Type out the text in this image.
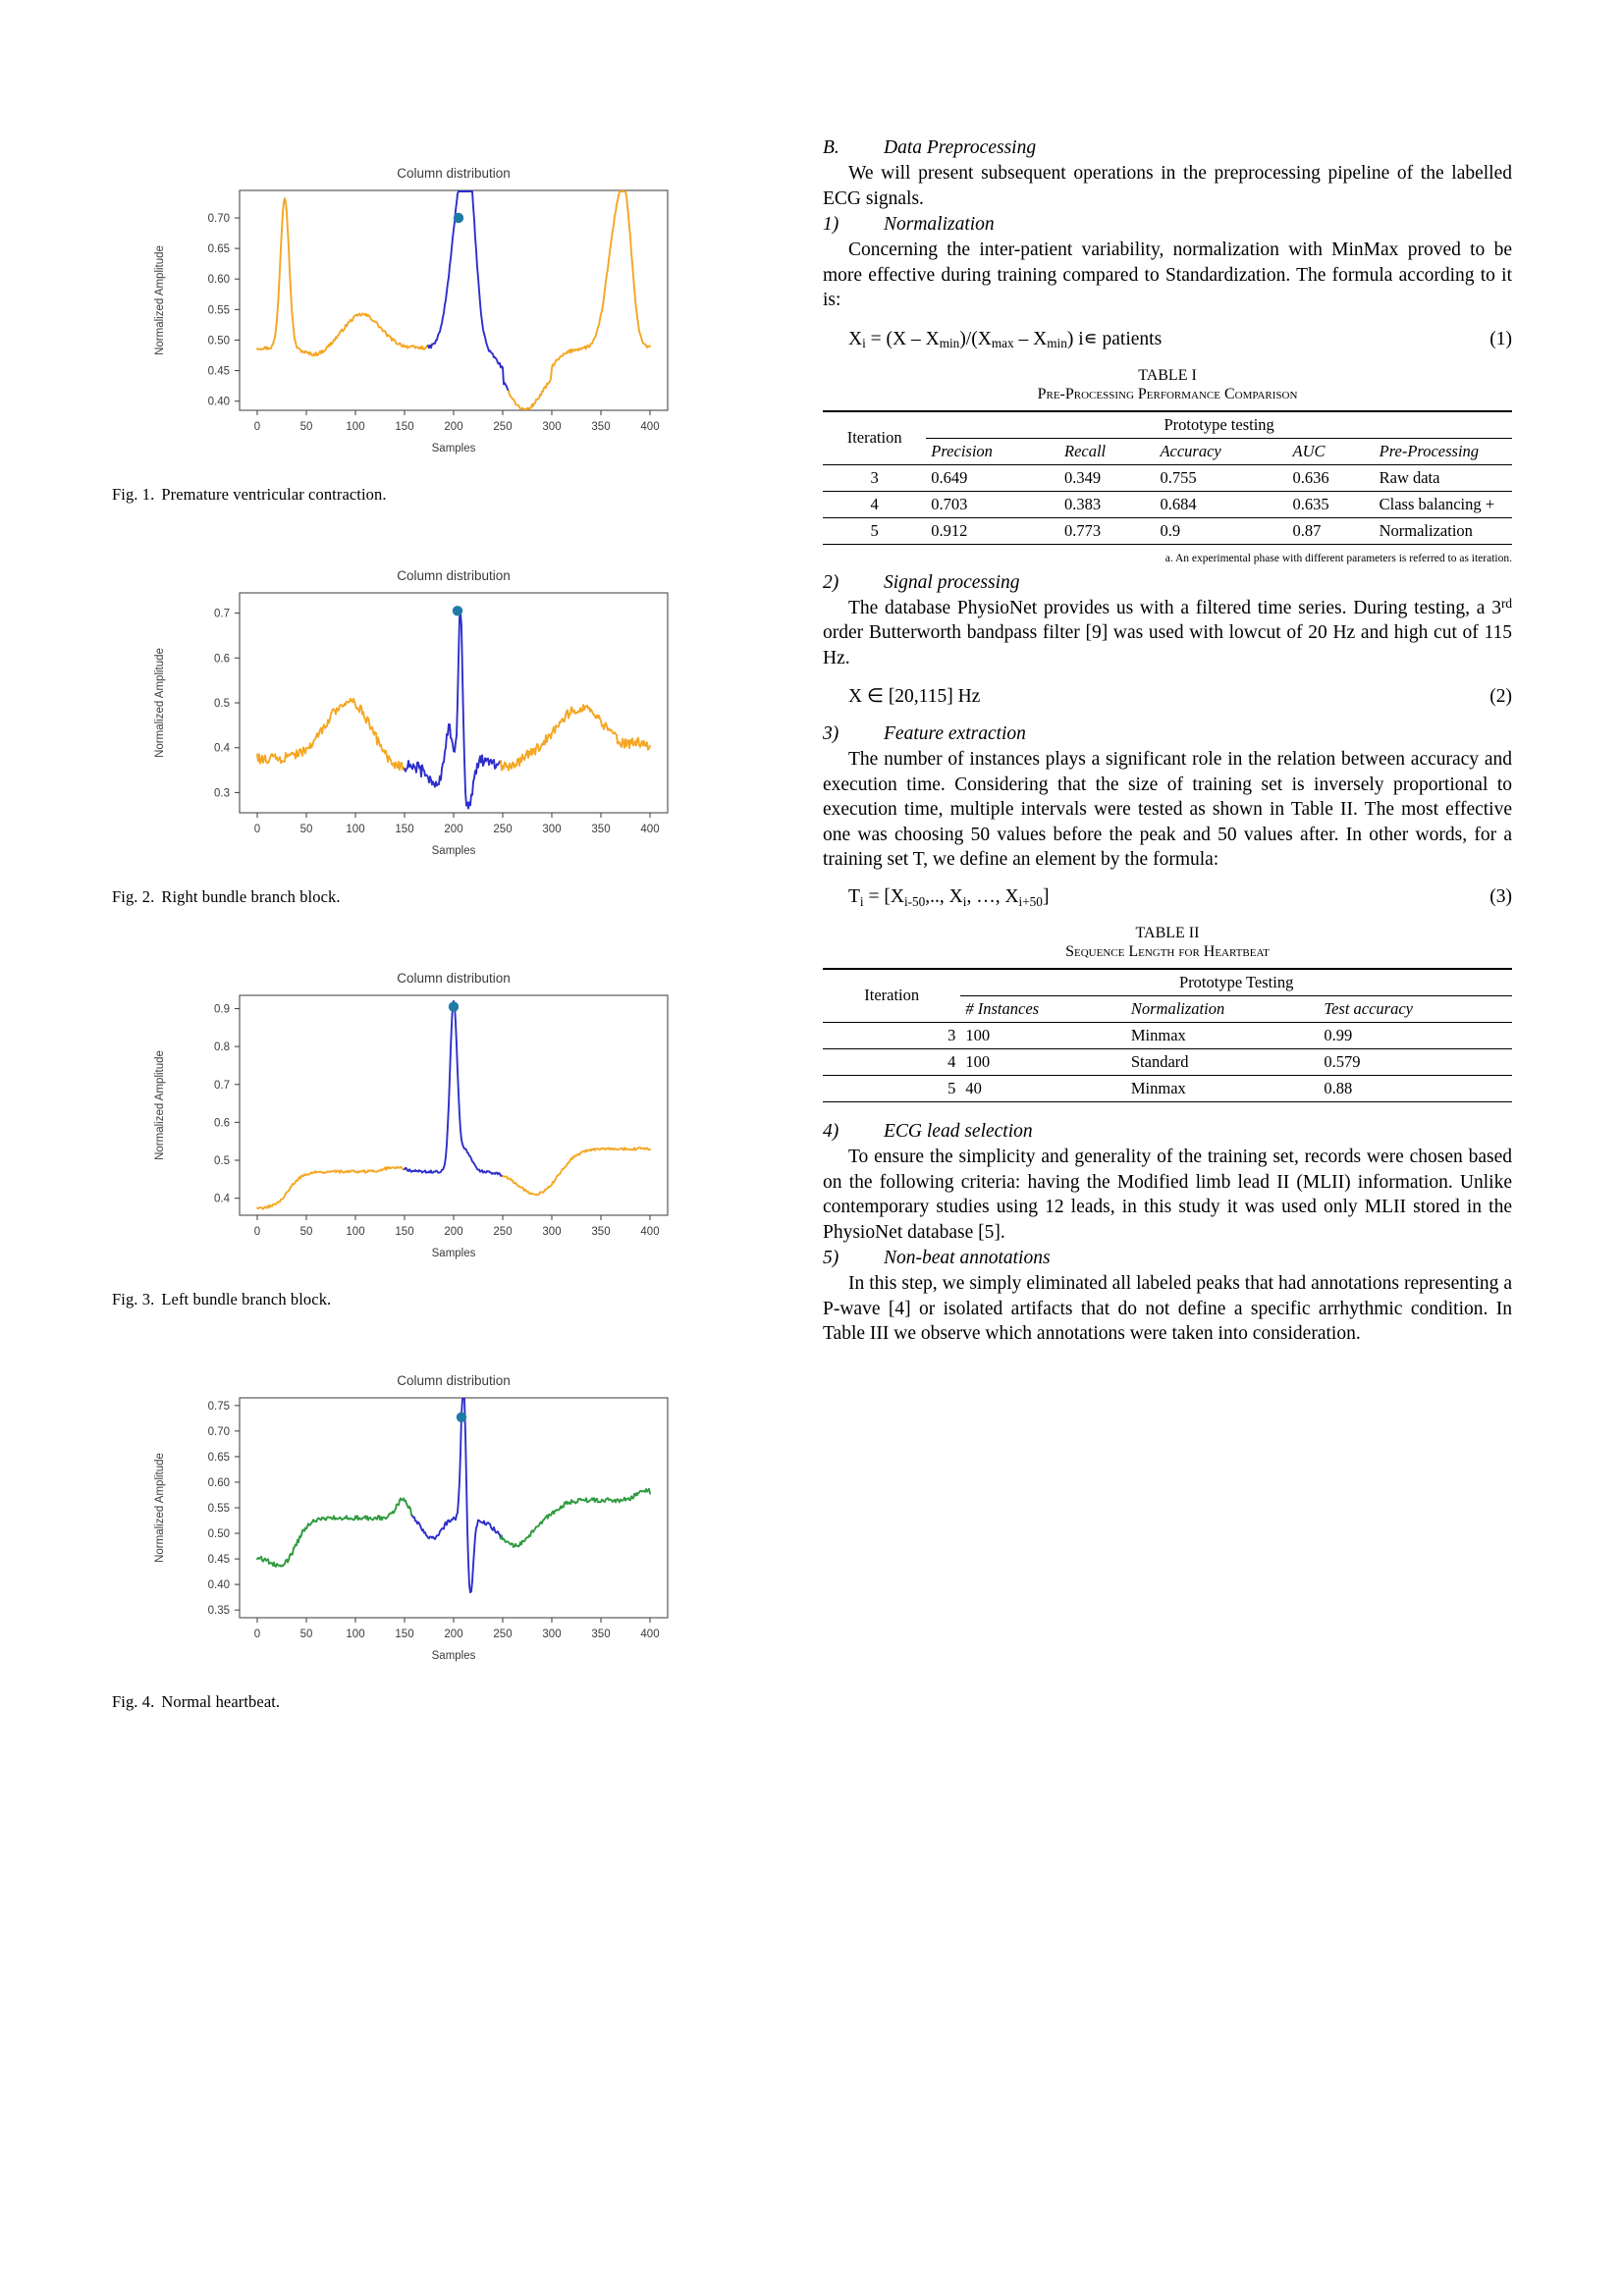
Column distribution
0.40
0.45
0.50
0.55
0.60
0.65
0.70
0	50	100	150	200	250	300	350	400
Samples
Normalized Amplitude
Fig. 1. Premature ventricular contraction.
Column distribution
0.3
0.4
0.5
0.6
0.7
0	50	100	150	200	250	300	350	400
Samples
Normalized Amplitude
Fig. 2. Right bundle branch block.
Column distribution
0.4
0.5
0.6
0.7
0.8
0.9
0	50	100	150	200	250	300	350	400
Samples
Normalized Amplitude
Fig. 3. Left bundle branch block.
Column distribution
0.35
0.40
0.45
0.50
0.55
0.60
0.65
0.70
0.75
0	50	100	150	200	250	300	350	400
Samples
Normalized Amplitude
Fig. 4. Normal heartbeat.
B. Data Preprocessing

We will present subsequent operations in the preprocessing pipeline of the labelled ECG signals.

1) Normalization

Concerning the inter-patient variability, normalization with MinMax proved to be more effective during training compared to Standardization. The formula according to it is:

$X_i = (X - X_{min})/(X_{max} - X_{min})$ i∊ patients	(1)
TABLE I
Pre-Processing Performance Comparison
Iteration	Prototype testing				
	Precision	Recall	Accuracy	AUC	Pre-Processing
3	0.649	0.349	0.755	0.636	Raw data
4	0.703	0.383	0.684	0.635	Class balancing +
5	0.912	0.773	0.9	0.87	Normalization

a. An experimental phase with different parameters is referred to as iteration.
2) Signal processing

The database PhysioNet provides us with a filtered time series. During testing, a 3rd order Butterworth bandpass filter [9] was used with lowcut of 20 Hz and high cut of 115 Hz.

X ∈ [20,115] Hz	(2)
3) Feature extraction

The number of instances plays a significant role in the relation between accuracy and execution time. Considering that the size of training set is inversely proportional to execution time, multiple intervals were tested as shown in Table II. The most effective one was choosing 50 values before the peak and 50 values after. In other words, for a training set T, we define an element by the formula:

$T_i = [X_{i-50}$,.., $X_i$, …, $X_{i+50}$]	(3)
TABLE II
Sequence Length for Heartbeat
Iteration	Prototype Testing		
	# Instances	Normalization	Test accuracy
3	100	Minmax	0.99
4	100	Standard	0.579
5	40	Minmax	0.88

4) ECG lead selection

To ensure the simplicity and generality of the training set, records were chosen based on the following criteria: having the Modified limb lead II (MLII) information. Unlike contemporary studies using 12 leads, in this study it was used only MLII stored in the PhysioNet database [5].

5) Non-beat annotations

In this step, we simply eliminated all labeled peaks that had annotations representing a P-wave [4] or isolated artifacts that do not define a specific arrhythmic condition. In Table III we observe which annotations were taken into consideration.
